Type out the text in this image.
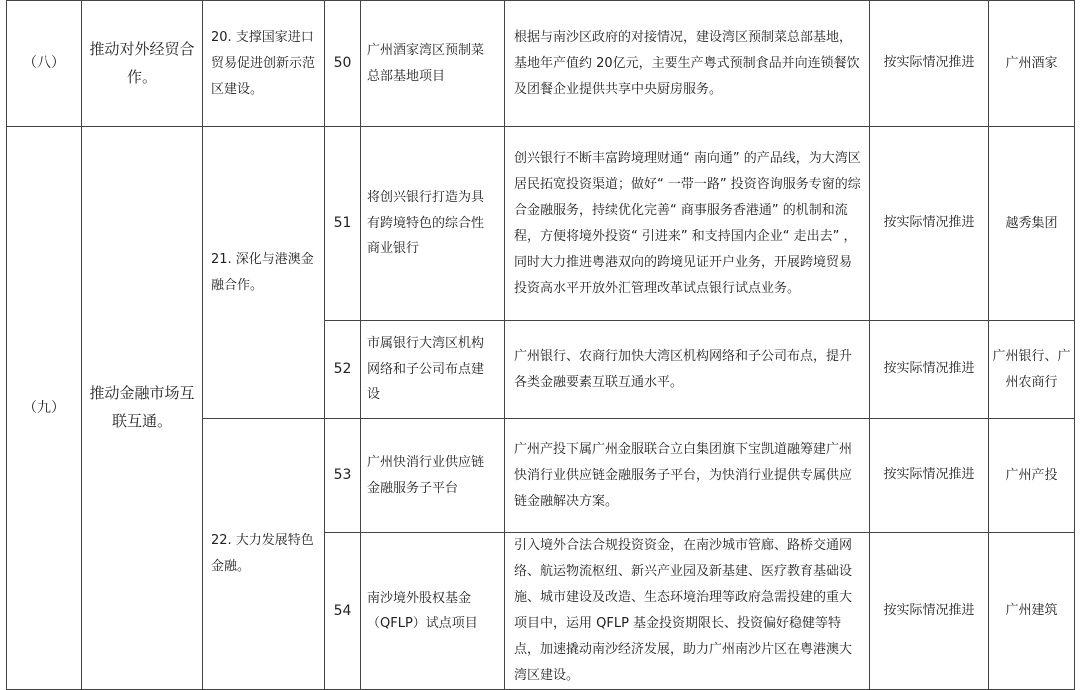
（八）	推动对外经贸合作。	20. 支撑国家进口贸易促进创新示范区建设。	50	广州酒家湾区预制菜总部基地项目	根据与南沙区政府的对接情况，建设湾区预制菜总部基地，基地年产值约 20亿元，主要生产粤式预制食品并向连锁餐饮及团餐企业提供共享中央厨房服务。	按实际情况推进	广州酒家
（九）	推动金融市场互联互通。	21. 深化与港澳金融合作。	51	将创兴银行打造为具有跨境特色的综合性商业银行	创兴银行不断丰富跨境理财通“ 南向通” 的产品线，为大湾区居民拓宽投资渠道；做好“ 一带一路” 投资咨询服务专窗的综合金融服务，持续优化完善“ 商事服务香港通” 的机制和流程，方便将境外投资“ 引进来” 和支持国内企业“ 走出去” ，同时大力推进粤港双向的跨境见证开户业务，开展跨境贸易投资高水平开放外汇管理改革试点银行试点业务。	按实际情况推进	越秀集团
			52	市属银行大湾区机构网络和子公司布点建设	广州银行、农商行加快大湾区机构网络和子公司布点，提升各类金融要素互联互通水平。	按实际情况推进	广州银行、广州农商行
		22. 大力发展特色金融。	53	广州快消行业供应链金融服务子平台	广州产投下属广州金服联合立白集团旗下宝凯道融筹建广州快消行业供应链金融服务子平台，为快消行业提供专属供应链金融解决方案。	按实际情况推进	广州产投
			54	南沙境外股权基金（QFLP）试点项目	引入境外合法合规投资资金，在南沙城市管廊、路桥交通网络、航运物流枢纽、新兴产业园及新基建、医疗教育基础设施、城市建设及改造、生态环境治理等政府急需投建的重大项目中，运用 QFLP 基金投资期限长、投资偏好稳健等特点，加速撬动南沙经济发展，助力广州南沙片区在粤港澳大湾区建设。	按实际情况推进	广州建筑
